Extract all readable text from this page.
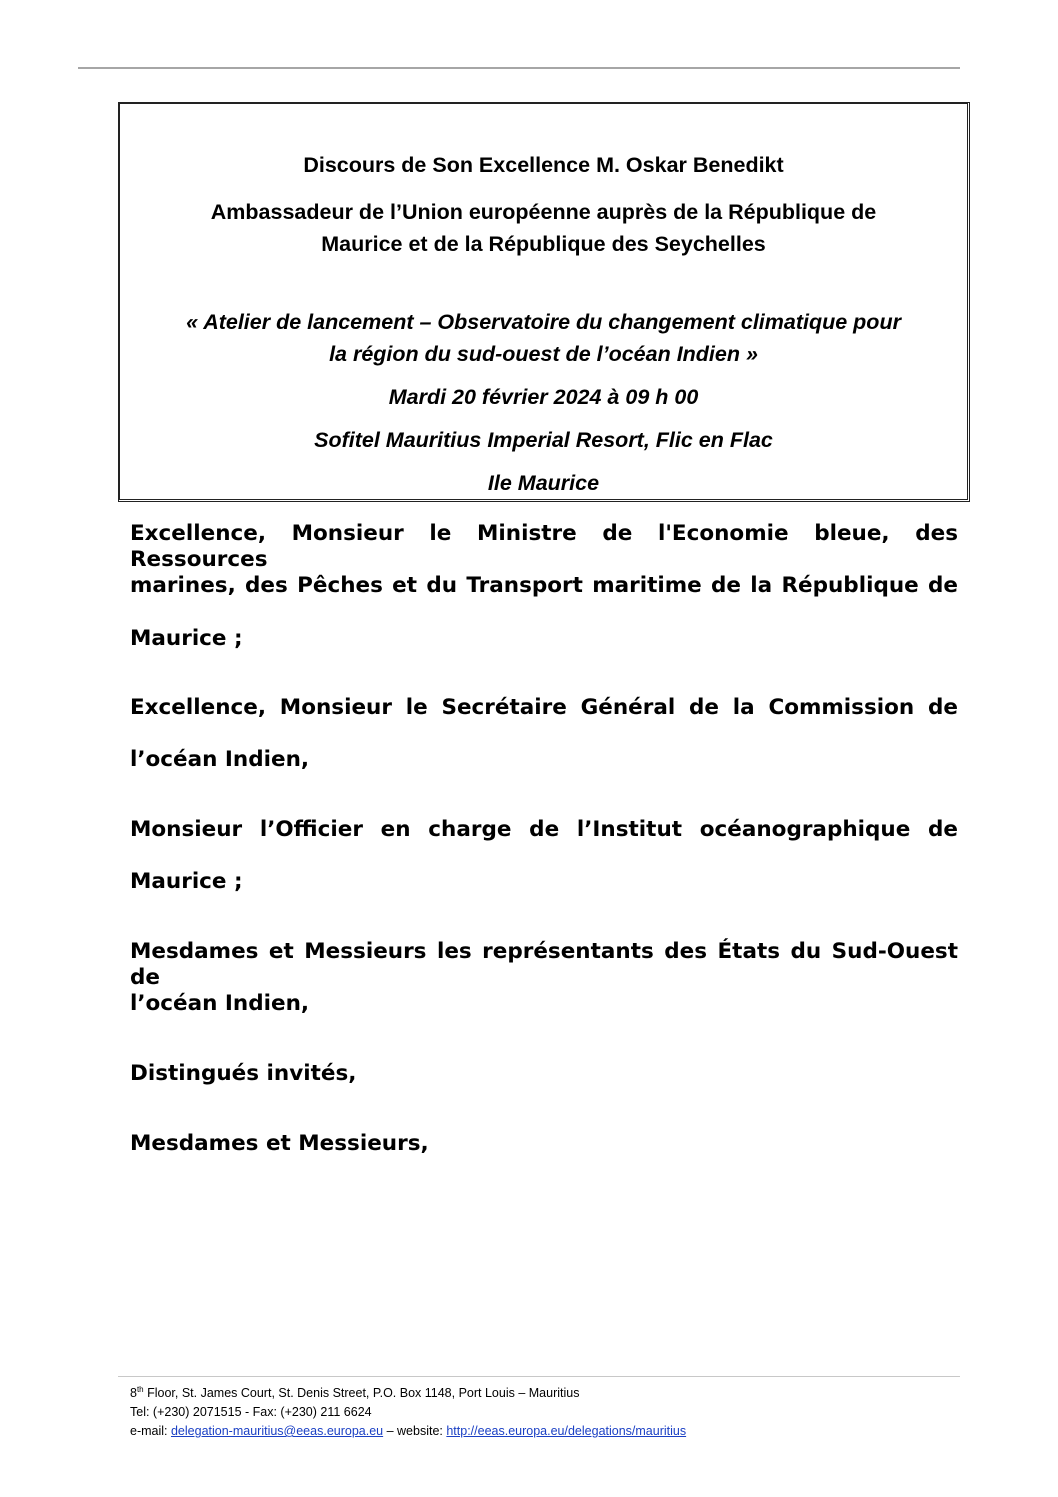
Discours de Son Excellence M. Oskar Benedikt
Ambassadeur de l’Union européenne auprès de la République de
Maurice et de la République des Seychelles
« Atelier de lancement – Observatoire du changement climatique pour
la région du sud-ouest de l’océan Indien »
Mardi 20 février 2024 à 09 h 00
Sofitel Mauritius Imperial Resort, Flic en Flac
Ile Maurice
Excellence, Monsieur le Ministre de l'Economie bleue, des Ressources
marines, des Pêches et du Transport maritime de la République de
Maurice ;
Excellence, Monsieur le Secrétaire Général de la Commission de
l’océan Indien,
Monsieur l’Officier en charge de l’Institut océanographique de
Maurice ;
Mesdames et Messieurs les représentants des États du Sud-Ouest de
l’océan Indien,
Distingués invités,
Mesdames et Messieurs,
8th Floor, St. James Court, St. Denis Street, P.O. Box 1148, Port Louis – Mauritius
Tel: (+230) 2071515 - Fax: (+230) 211 6624
e-mail: delegation-mauritius@eeas.europa.eu – website: http://eeas.europa.eu/delegations/mauritius
